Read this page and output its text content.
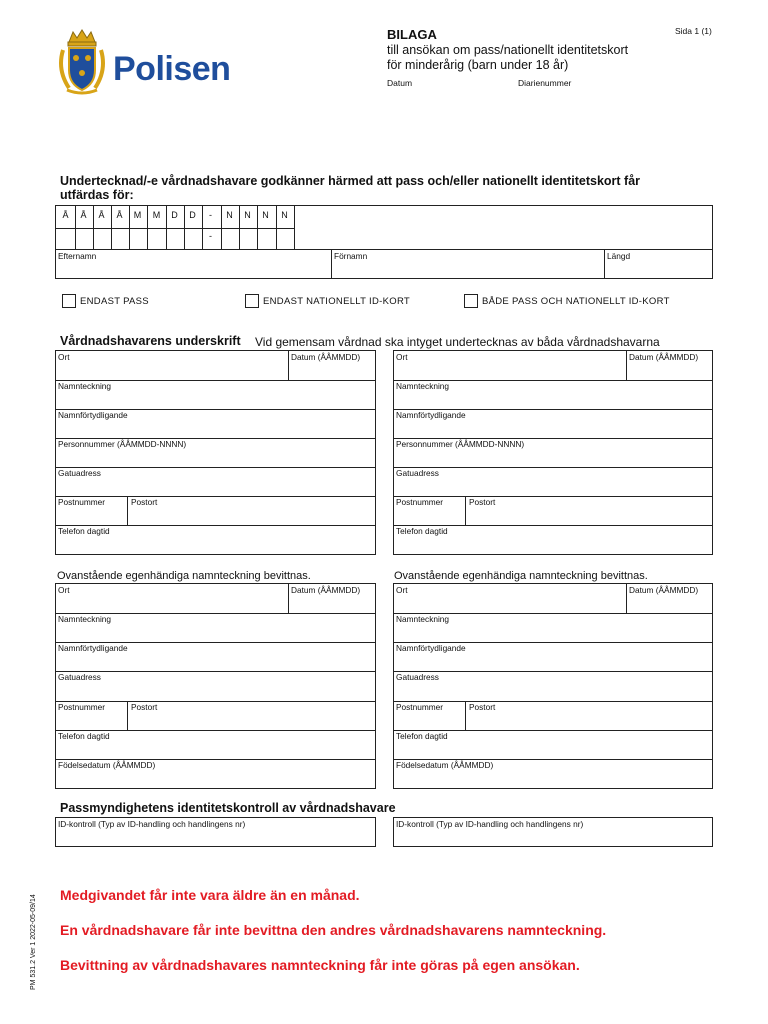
Polisen
BILAGA
till ansökan om pass/nationellt identitetskort
för minderårig (barn under 18 år)
Datum	Diarienummer
Sida 1 (1)
Undertecknad/-e vårdnadshavare godkänner härmed att pass och/eller nationellt identitetskort får
utfärdas för:
Å	Å	Å	Å	M	M	D	D	-	N	N	N	N
-
Efternamn	Förnamn	Längd
ENDAST PASS	ENDAST NATIONELLT ID-KORT	BÅDE PASS OCH NATIONELLT ID-KORT
Vårdnadshavarens underskrift Vid gemensam vårdnad ska intyget undertecknas av båda vårdnadshavarna
Ort	Datum (ÅÅMMDD)
Namnteckning
Namnförtydligande
Personnummer (ÅÅMMDD-NNNN)
Gatuadress
Postnummer	Postort
Telefon dagtid
Ort	Datum (ÅÅMMDD)
Namnteckning
Namnförtydligande
Personnummer (ÅÅMMDD-NNNN)
Gatuadress
Postnummer	Postort
Telefon dagtid
Ovanstående egenhändiga namnteckning bevittnas.	Ovanstående egenhändiga namnteckning bevittnas.
Ort	Datum (ÅÅMMDD)
Namnteckning
Namnförtydligande
Gatuadress
Postnummer	Postort
Telefon dagtid
Födelsedatum (ÅÅMMDD)
Ort	Datum (ÅÅMMDD)
Namnteckning
Namnförtydligande
Gatuadress
Postnummer	Postort
Telefon dagtid
Födelsedatum (ÅÅMMDD)
Passmyndighetens identitetskontroll av vårdnadshavare
ID-kontroll (Typ av ID-handling och handlingens nr)	ID-kontroll (Typ av ID-handling och handlingens nr)
Medgivandet får inte vara äldre än en månad.
En vårdnadshavare får inte bevittna den andres vårdnadshavarens namnteckning.
Bevittning av vårdnadshavares namnteckning får inte göras på egen ansökan.
PM 531.2 Ver 1 2022-05-09/14
